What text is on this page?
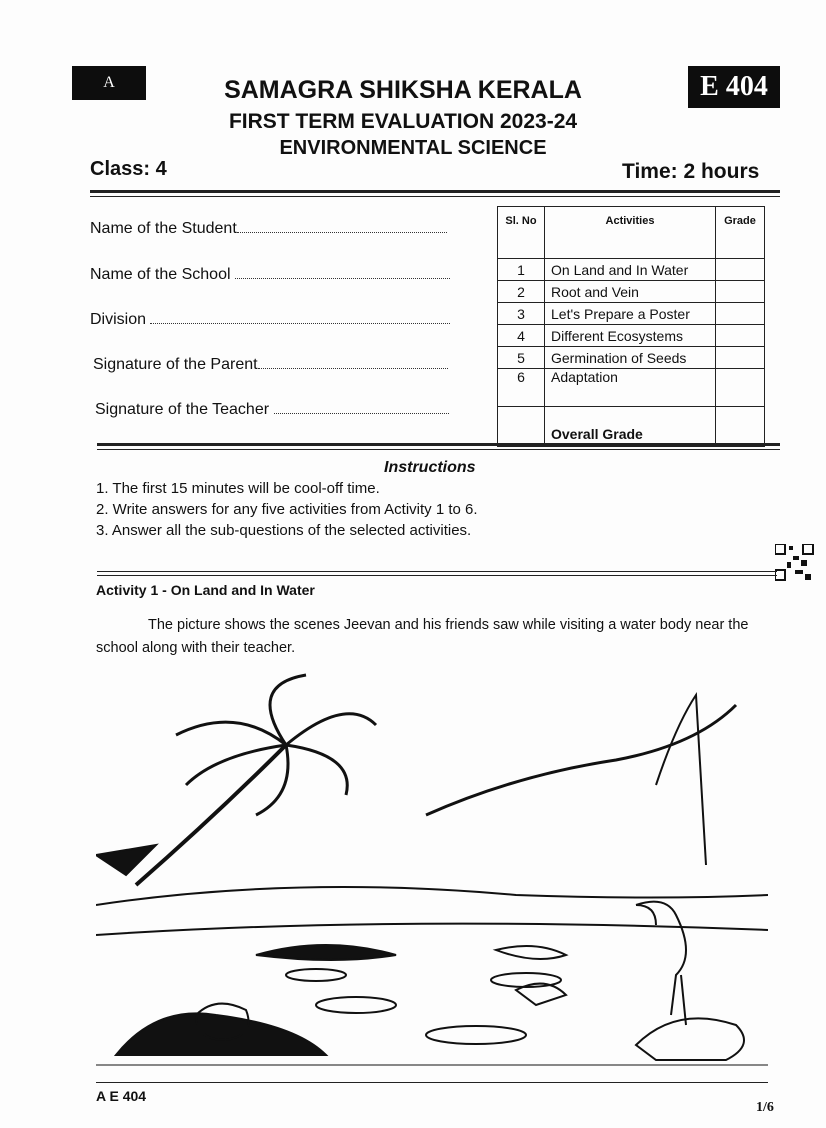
A	E 404
SAMAGRA SHIKSHA KERALA
FIRST TERM EVALUATION 2023-24
ENVIRONMENTAL SCIENCE
Class: 4	Time: 2 hours
Name of the Student
Name of the School
Division
Signature of the Parent
Signature of the Teacher
Sl. No	Activities	Grade
1	On Land and In Water	
2	Root and Vein	
3	Let's Prepare a Poster	
4	Different Ecosystems	
5	Germination of Seeds	
6	Adaptation	
	Overall Grade	
Instructions
1. The first 15 minutes will be cool-off time.
2. Write answers for any five activities from Activity 1 to 6.
3. Answer all the sub-questions of the selected activities.
Activity 1 - On Land and In Water
The picture shows the scenes Jeevan and his friends saw while visiting a water body near the school along with their teacher.
A E 404
1/6
